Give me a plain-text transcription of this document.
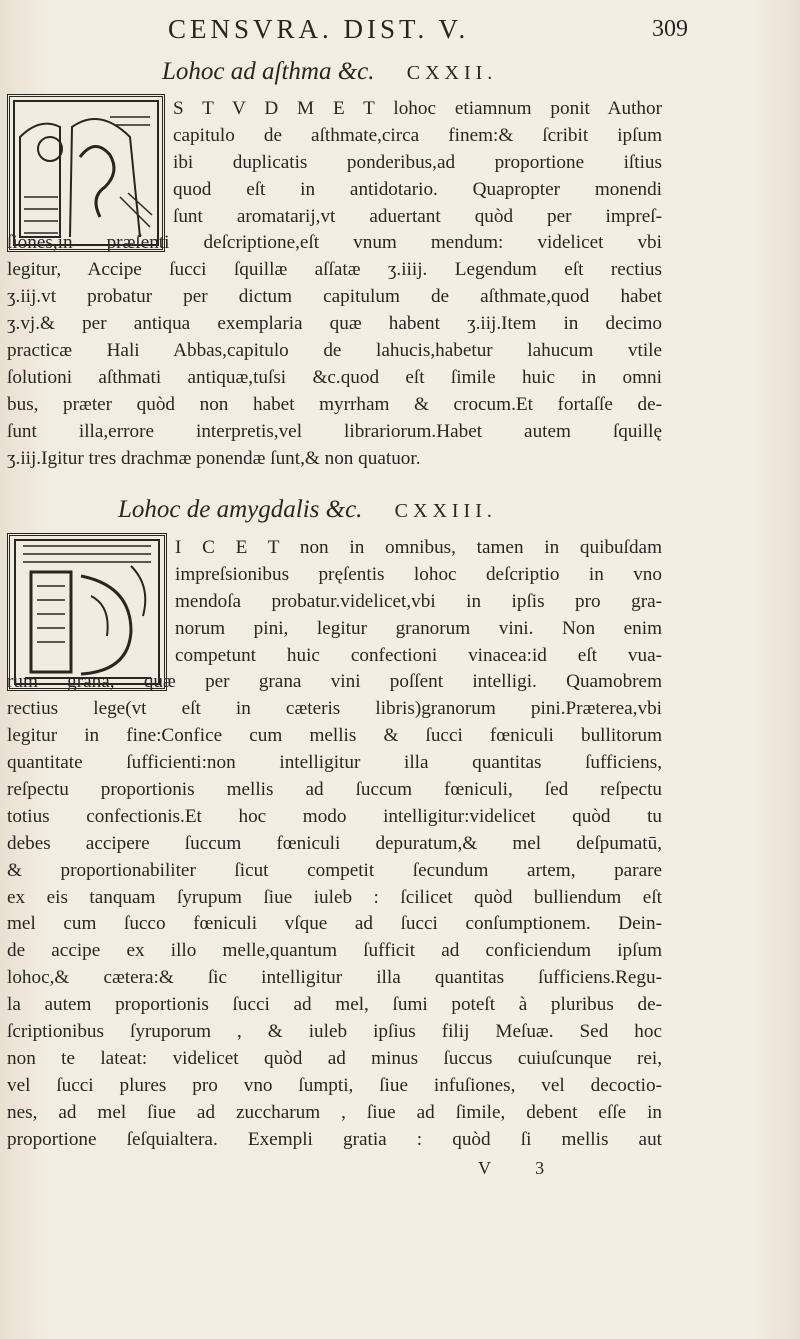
CENSVRA. DIST. V.	309
Lohoc ad aſthma &c. CXXII.
S T V D M E T lohoc etiamnum ponit Author
capitulo de aſthmate,circa finem:& ſcribit ipſum
ibi duplicatis ponderibus,ad proportione iſtius
quod eſt in antidotario. Quapropter monendi
ſunt aromatarij,vt aduertant quòd per impreſ-
ſiones,in præſenti deſcriptione,eſt vnum mendum: videlicet vbi
legitur, Accipe ſucci ſquillæ aſſatæ ʒ.iiij. Legendum eſt rectius
ʒ.iij.vt probatur per dictum capitulum de aſthmate,quod habet
ʒ.vj.& per antiqua exemplaria quæ habent ʒ.iij.Item in decimo
practicæ Hali Abbas,capitulo de lahucis,habetur lahucum vtile
ſolutioni aſthmati antiquæ,tuſsi &c.quod eſt ſimile huic in omni
bus, præter quòd non habet myrrham & crocum.Et fortaſſe de-
ſunt illa,errore interpretis,vel librariorum.Habet autem ſquillę
ʒ.iij.Igitur tres drachmæ ponendæ ſunt,& non quatuor.
Lohoc de amygdalis &c. CXXIII.
I C E T non in omnibus, tamen in quibuſdam
impreſsionibus pręſentis lohoc deſcriptio in vno
mendoſa probatur.videlicet,vbi in ipſis pro gra-
norum pini, legitur granorum vini. Non enim
competunt huic confectioni vinacea:id eſt vua-
rum grana, quæ per grana vini poſſent intelligi. Quamobrem
rectius lege(vt eſt in cæteris libris)granorum pini.Præterea,vbi
legitur in fine:Confice cum mellis & ſucci fœniculi bullitorum
quantitate ſufficienti:non intelligitur illa quantitas ſufficiens,
reſpectu proportionis mellis ad ſuccum fœniculi, ſed reſpectu
totius confectionis.Et hoc modo intelligitur:videlicet quòd tu
debes accipere ſuccum fœniculi depuratum,& mel deſpumatū,
& proportionabiliter ſicut competit ſecundum artem, parare
ex eis tanquam ſyrupum ſiue iuleb : ſcilicet quòd bulliendum eſt
mel cum ſucco fœniculi vſque ad ſucci conſumptionem. Dein-
de accipe ex illo melle,quantum ſufficit ad conficiendum ipſum
lohoc,& cætera:& ſic intelligitur illa quantitas ſufficiens.Regu-
la autem proportionis ſucci ad mel, ſumi poteſt à pluribus de-
ſcriptionibus ſyruporum , & iuleb ipſius filij Meſuæ. Sed hoc
non te lateat: videlicet quòd ad minus ſuccus cuiuſcunque rei,
vel ſucci plures pro vno ſumpti, ſiue infuſiones, vel decoctio-
nes, ad mel ſiue ad zuccharum , ſiue ad ſimile, debent eſſe in
proportione ſeſquialtera. Exempli gratia : quòd ſi mellis aut
V 3
